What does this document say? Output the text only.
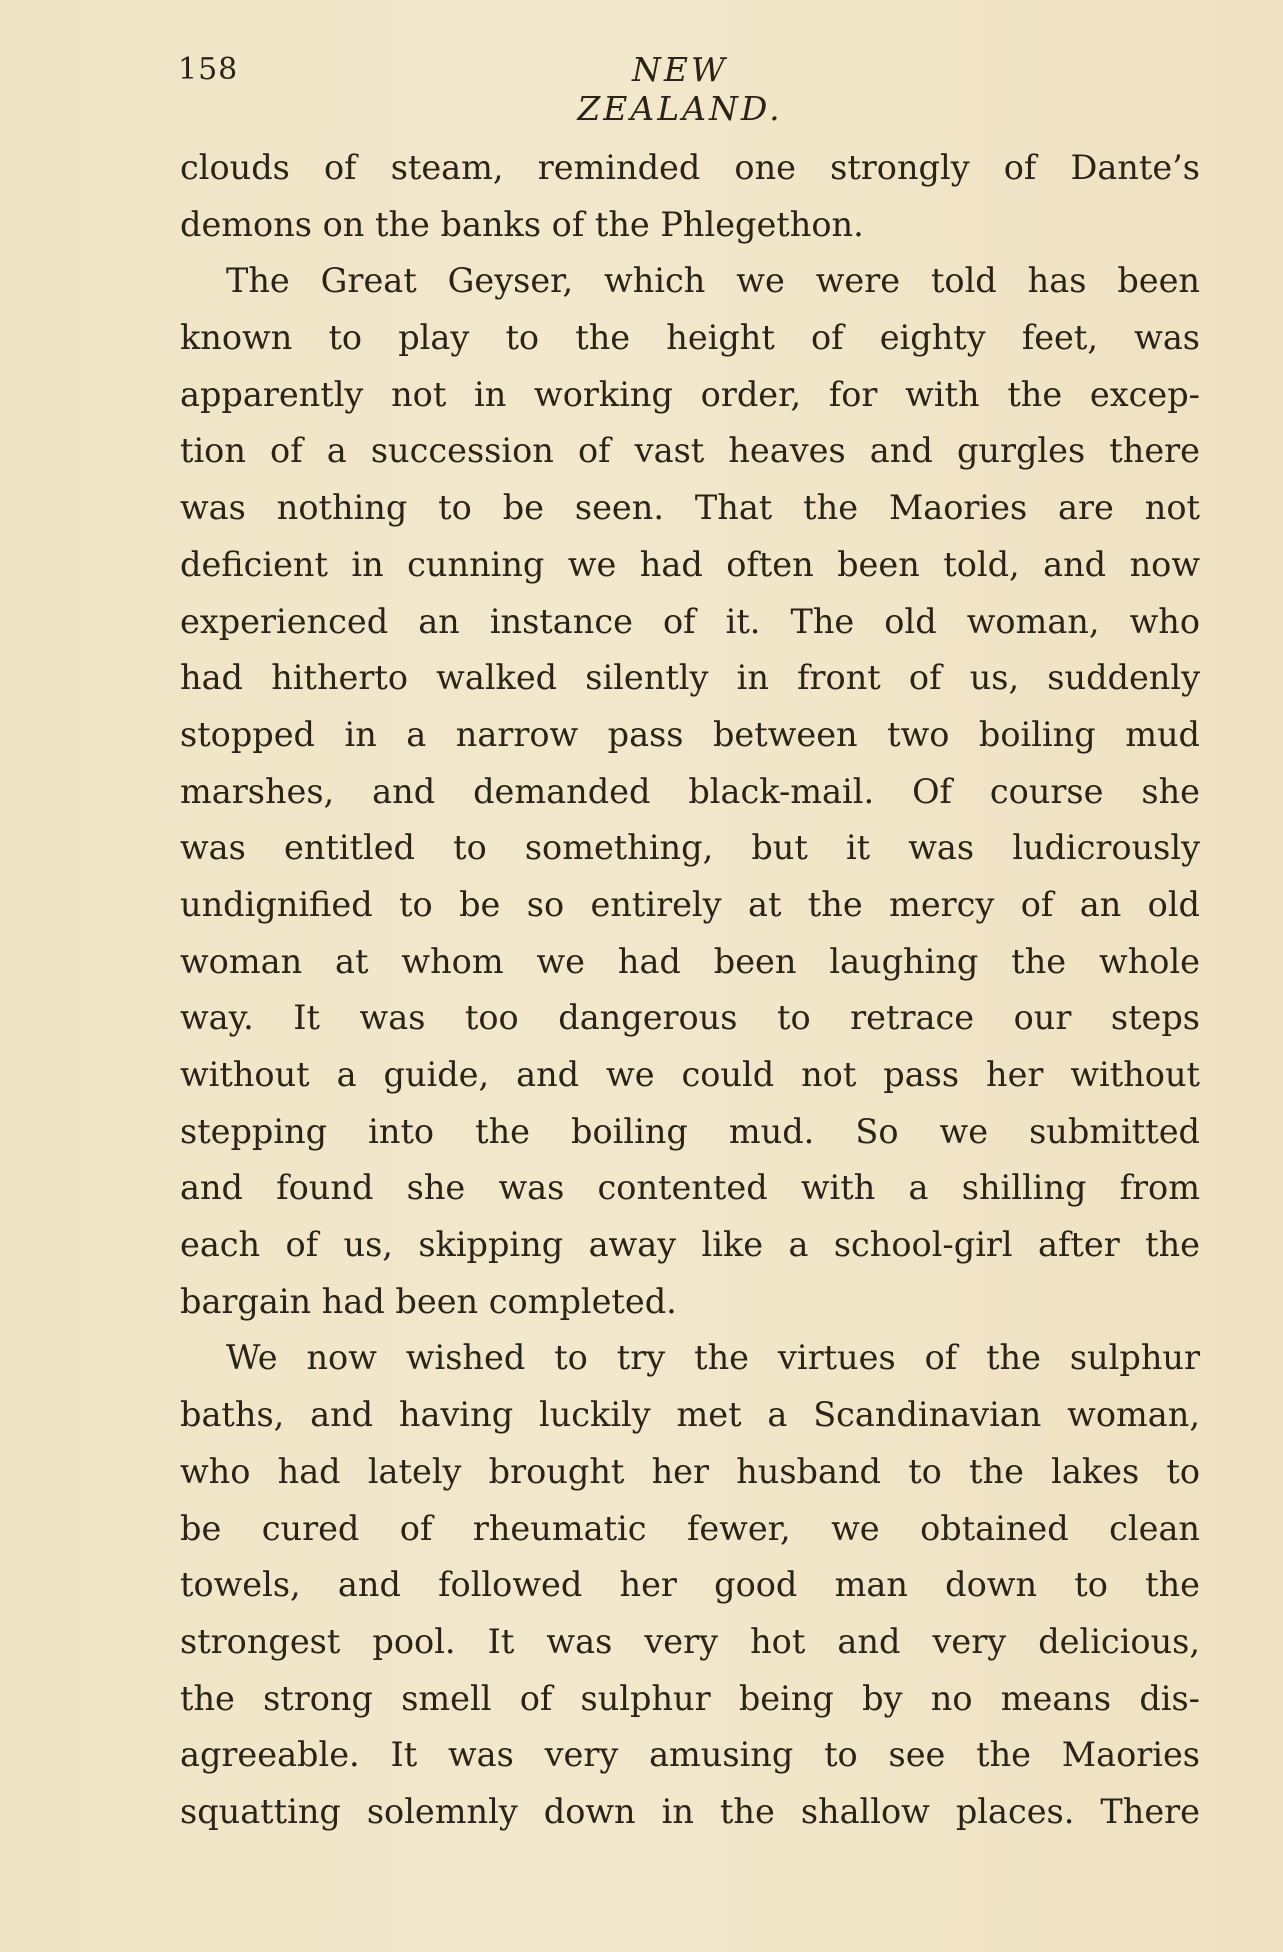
158	NEW ZEALAND.
clouds of steam, reminded one strongly of Dante’s
demons on the banks of the Phlegethon.
The Great Geyser, which we were told has been
known to play to the height of eighty feet, was
apparently not in working order, for with the excep-
tion of a succession of vast heaves and gurgles there
was nothing to be seen. That the Maories are not
deficient in cunning we had often been told, and now
experienced an instance of it. The old woman, who
had hitherto walked silently in front of us, suddenly
stopped in a narrow pass between two boiling mud
marshes, and demanded black-mail. Of course she
was entitled to something, but it was ludicrously
undignified to be so entirely at the mercy of an old
woman at whom we had been laughing the whole
way. It was too dangerous to retrace our steps
without a guide, and we could not pass her without
stepping into the boiling mud. So we submitted
and found she was contented with a shilling from
each of us, skipping away like a school-girl after the
bargain had been completed.
We now wished to try the virtues of the sulphur
baths, and having luckily met a Scandinavian woman,
who had lately brought her husband to the lakes to
be cured of rheumatic fewer, we obtained clean
towels, and followed her good man down to the
strongest pool. It was very hot and very delicious,
the strong smell of sulphur being by no means dis-
agreeable. It was very amusing to see the Maories
squatting solemnly down in the shallow places. There
